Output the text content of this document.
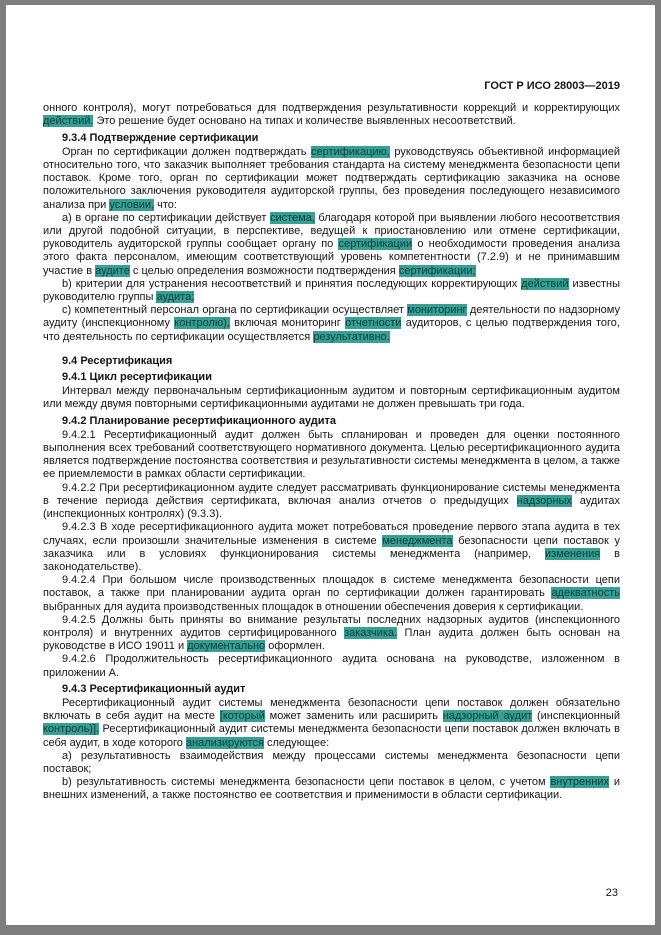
ГОСТ Р ИСО 28003—2019

онного контроля), могут потребоваться для подтверждения результативности коррекций и корректирующих действий. Это решение будет основано на типах и количестве выявленных несоответствий.

9.3.4 Подтверждение сертификации

Орган по сертификации должен подтверждать сертификацию, руководствуясь объективной информацией относительно того, что заказчик выполняет требования стандарта на систему менеджмента безопасности цепи поставок. Кроме того, орган по сертификации может подтверждать сертификацию заказчика на основе положительного заключения руководителя аудиторской группы, без проведения последующего независимого анализа при условии, что:

а) в органе по сертификации действует система, благодаря которой при выявлении любого несоответствия или другой подобной ситуации, в перспективе, ведущей к приостановлению или отмене сертификации, руководитель аудиторской группы сообщает органу по сертификации о необходимости проведения анализа этого факта персоналом, имеющим соответствующий уровень компетентности (7.2.9) и не принимавшим участие в аудите с целью определения возможности подтверждения сертификации;

b) критерии для устранения несоответствий и принятия последующих корректирующих действий известны руководителю группы аудита;

с) компетентный персонал органа по сертификации осуществляет мониторинг деятельности по надзорному аудиту (инспекционному контролю), включая мониторинг отчетности аудиторов, с целью подтверждения того, что деятельность по сертификации осуществляется результативно.

9.4 Ресертификация

9.4.1 Цикл ресертификации

Интервал между первоначальным сертификационным аудитом и повторным сертификационным аудитом или между двумя повторными сертификационными аудитами не должен превышать три года.

9.4.2 Планирование ресертификационного аудита

9.4.2.1 Ресертификационный аудит должен быть спланирован и проведен для оценки постоянного выполнения всех требований соответствующего нормативного документа. Целью ресертификационного аудита является подтверждение постоянства соответствия и результативности системы менеджмента в целом, а также ее приемлемости в рамках области сертификации.

9.4.2.2 При ресертификационном аудите следует рассматривать функционирование системы менеджмента в течение периода действия сертификата, включая анализ отчетов о предыдущих надзорных аудитах (инспекционных контролях) (9.3.3).

9.4.2.3 В ходе ресертификационного аудита может потребоваться проведение первого этапа аудита в тех случаях, если произошли значительные изменения в системе менеджмента безопасности цепи поставок у заказчика или в условиях функционирования системы менеджмента (например, изменения в законодательстве).

9.4.2.4 При большом числе производственных площадок в системе менеджмента безопасности цепи поставок, а также при планировании аудита орган по сертификации должен гарантировать адекватность выбранных для аудита производственных площадок в отношении обеспечения доверия к сертификации.

9.4.2.5 Должны быть приняты во внимание результаты последних надзорных аудитов (инспекционного контроля) и внутренних аудитов сертифицированного заказчика. План аудита должен быть основан на руководстве в ИСО 19011 и документально оформлен.

9.4.2.6 Продолжительность ресертификационного аудита основана на руководстве, изложенном в приложении А.

9.4.3 Ресертификационный аудит

Ресертификационный аудит системы менеджмента безопасности цепи поставок должен обязательно включать в себя аудит на месте [который может заменить или расширить надзорный аудит (инспекционный контроль)]. Ресертификационный аудит системы менеджмента безопасности цепи поставок должен включать в себя аудит, в ходе которого анализируются следующее:

а) результативность взаимодействия между процессами системы менеджмента безопасности цепи поставок;

b) результативность системы менеджмента безопасности цепи поставок в целом, с учетом внутренних и внешних изменений, а также постоянство ее соответствия и применимости в области сертификации.

23
